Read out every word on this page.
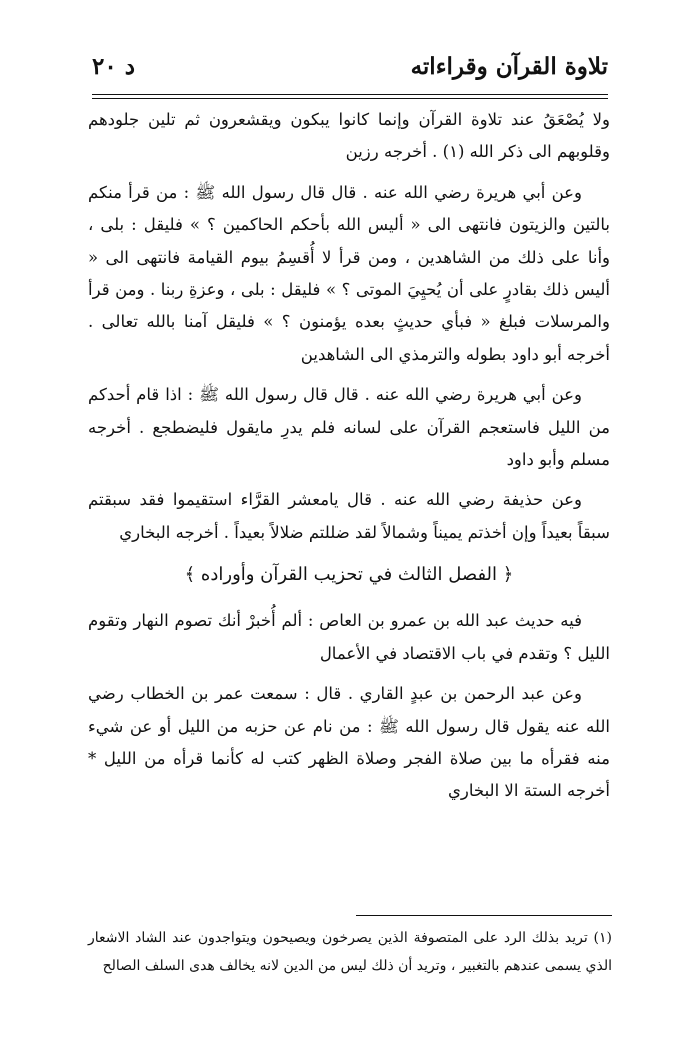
تلاوة القرآن وقراءاته
د ۲۰

ولا يُصْعَقُ عند تلاوة القرآن وإنما كانوا يبكون ويقشعرون ثم تلين جلودهم وقلوبهم الى ذكر الله (١) . أخرجه رزين

وعن أبي هريرة رضي الله عنه . قال قال رسول الله ﷺ : من قرأ منكم بالتين والزيتون فانتهى الى « أليس الله بأحكم الحاكمين ؟ » فليقل : بلى ، وأنا على ذلك من الشاهدين ، ومن قرأ لا أُقسِمُ بيوم القيامة فانتهى الى « أليس ذلك بقادرٍ على أن يُحيِيَ الموتى ؟ » فليقل : بلى ، وعزةِ ربنا . ومن قرأ والمرسلات فبلغ « فبأي حديثٍ بعده يؤمنون ؟ » فليقل آمنا بالله تعالى . أخرجه أبو داود بطوله والترمذي الى الشاهدين

وعن أبي هريرة رضي الله عنه . قال قال رسول الله ﷺ : اذا قام أحدكم من الليل فاستعجم القرآن على لسانه فلم يدرِ مايقول فليضطجع . أخرجه مسلم وأبو داود

وعن حذيفة رضي الله عنه . قال يامعشر القرَّاء استقيموا فقد سبقتم سبقاً بعيداً وإن أخذتم يميناً وشمالاً لقد ضللتم ضلالاً بعيداً . أخرجه البخاري

﴿ الفصل الثالث في تحزيب القرآن وأوراده ﴾

فيه حديث عبد الله بن عمرو بن العاص : ألم أُخبرْ أنك تصوم النهار وتقوم الليل ؟ وتقدم في باب الاقتصاد في الأعمال

وعن عبد الرحمن بن عبدٍ القاري . قال : سمعت عمر بن الخطاب رضي الله عنه يقول قال رسول الله ﷺ : من نام عن حزبه من الليل أو عن شيء منه فقرأه ما بين صلاة الفجر وصلاة الظهر كتب له كأنما قرأه من الليل * أخرجه الستة الا البخاري

(١) تريد بذلك الرد على المتصوفة الذين يصرخون ويصيحون ويتواجدون عند الشاد الاشعار الذي يسمى عندهم بالتغبير ، وتريد أن ذلك ليس من الدين لانه يخالف هدى السلف الصالح
